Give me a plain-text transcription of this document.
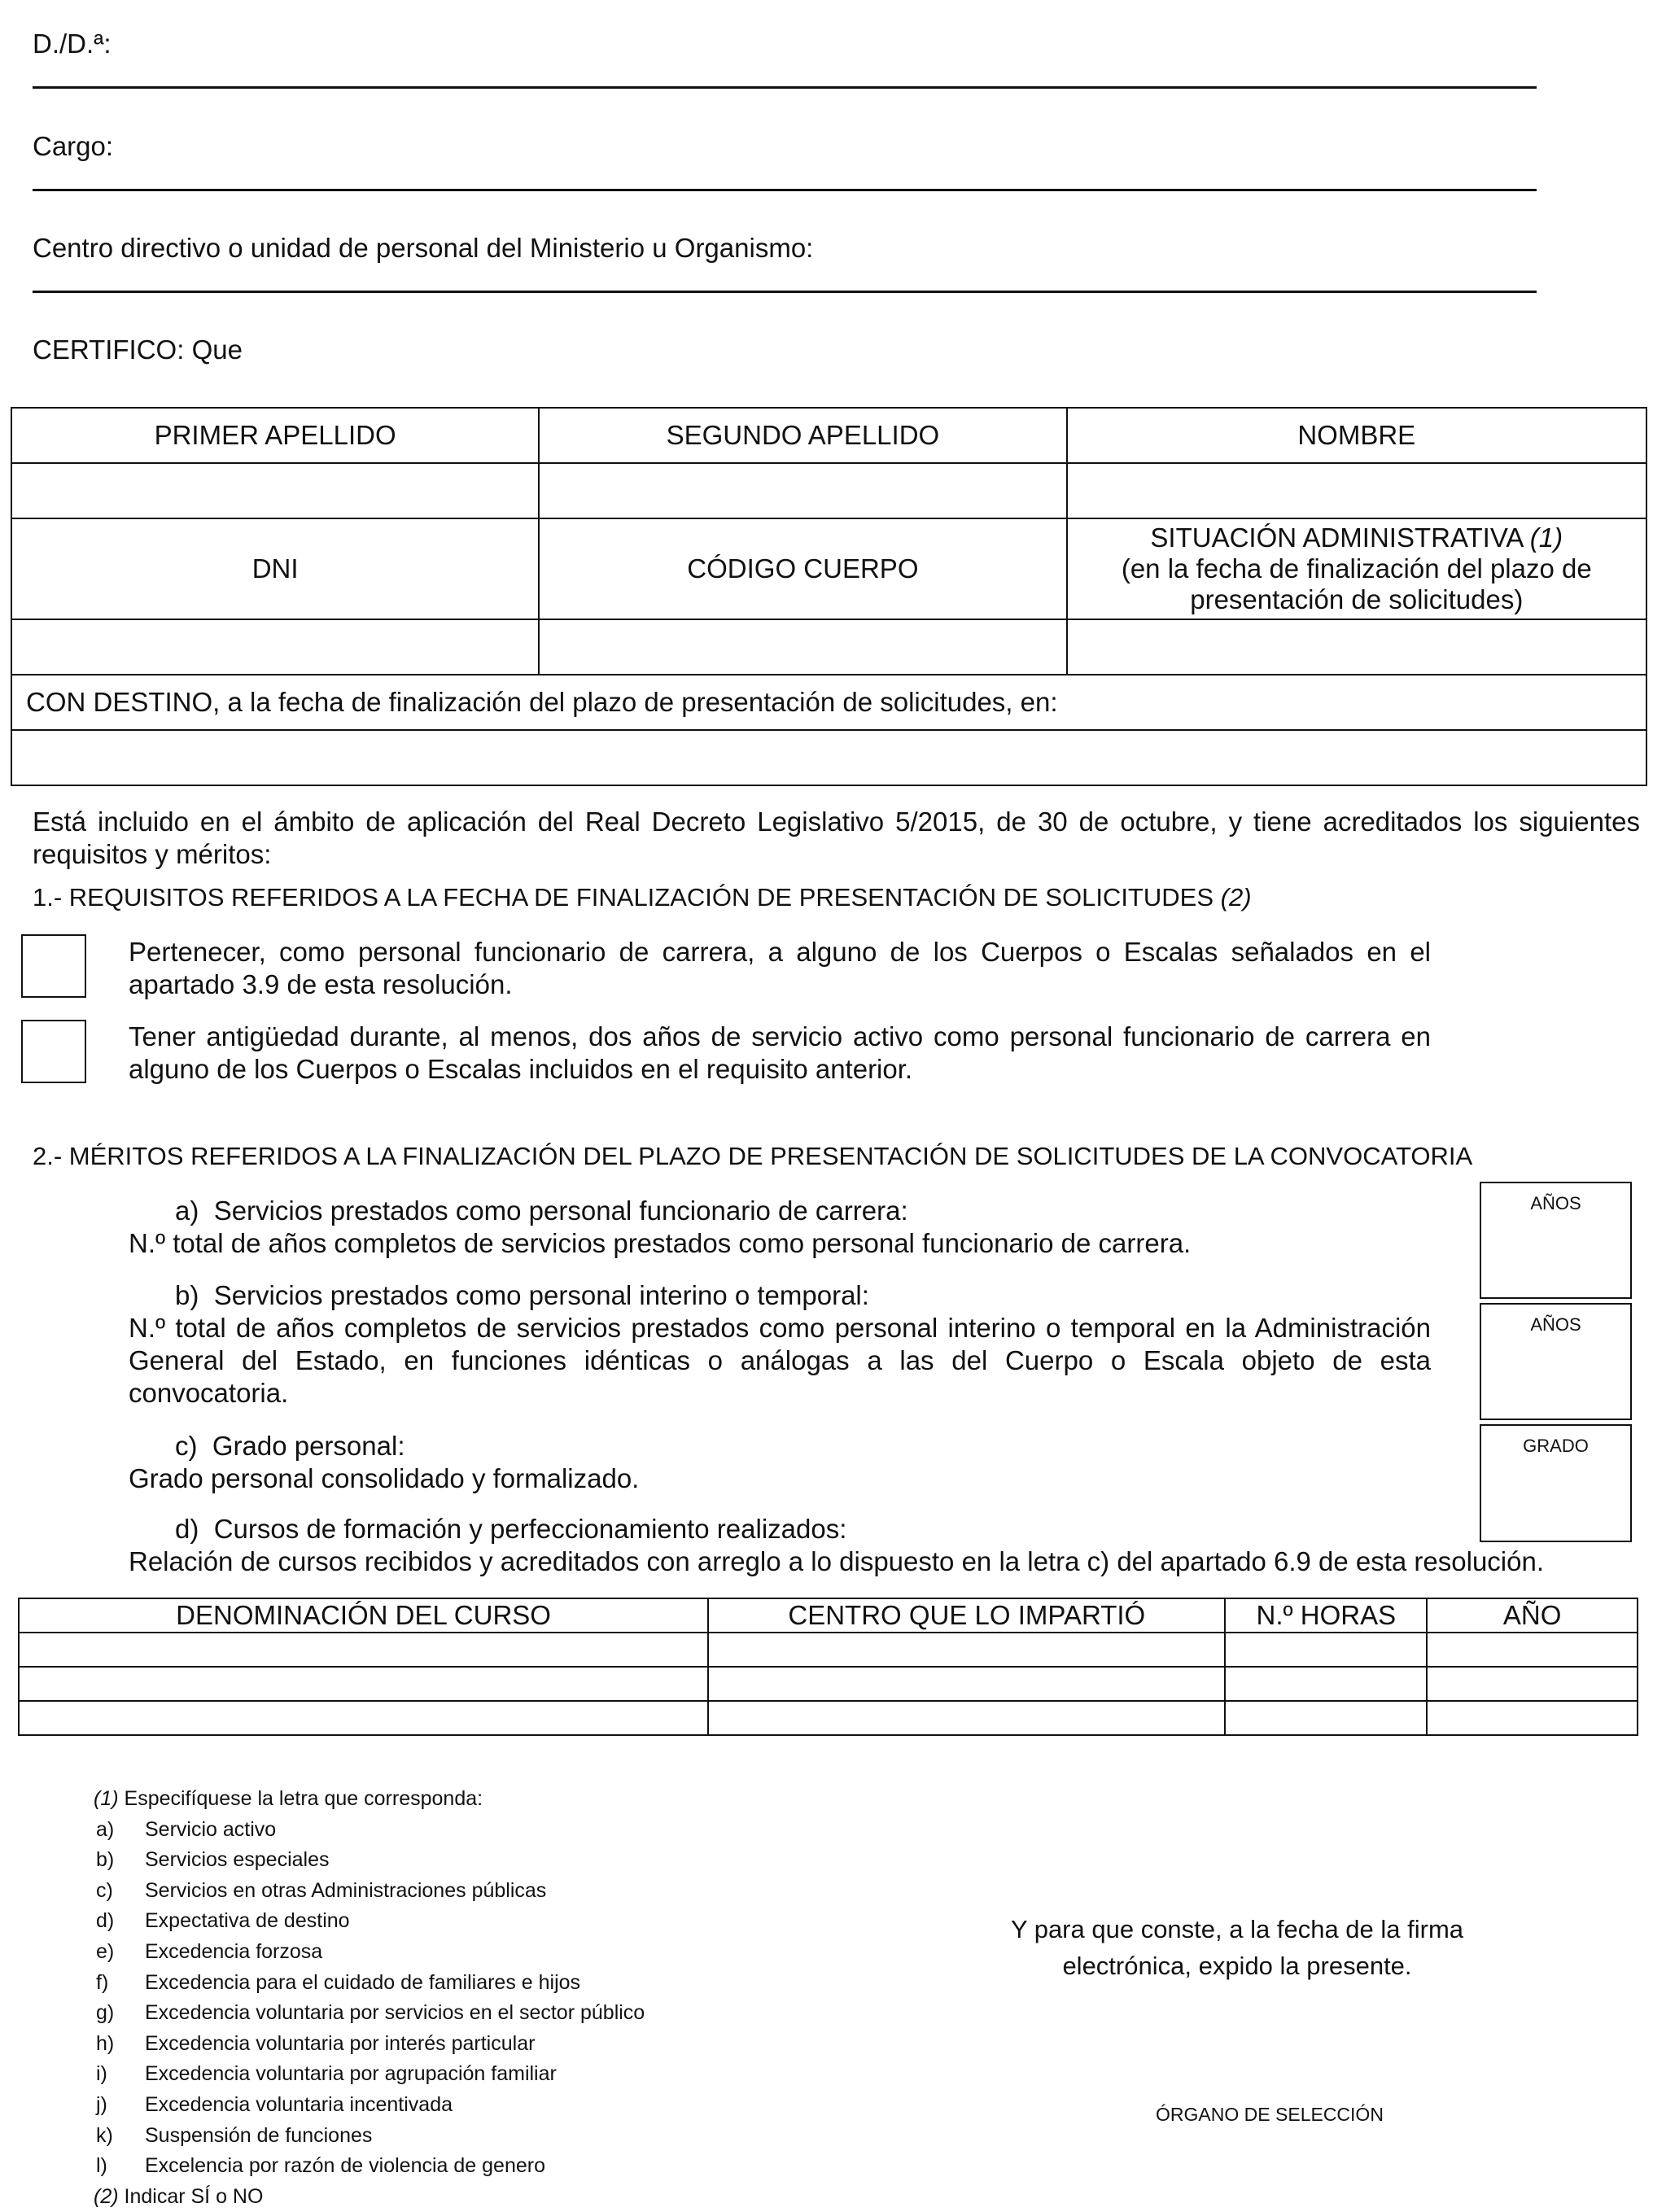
D./D.ª:
Cargo:
Centro directivo o unidad de personal del Ministerio u Organismo:
CERTIFICO: Que
PRIMER APELLIDO	SEGUNDO APELLIDO	NOMBRE

DNI	CÓDIGO CUERPO	SITUACIÓN ADMINISTRATIVA (1)
(en la fecha de finalización del plazo de presentación de solicitudes)

CON DESTINO, a la fecha de finalización del plazo de presentación de solicitudes, en:		

Está incluido en el ámbito de aplicación del Real Decreto Legislativo 5/2015, de 30 de octubre, y tiene acreditados los siguientes requisitos y méritos:
1.- REQUISITOS REFERIDOS A LA FECHA DE FINALIZACIÓN DE PRESENTACIÓN DE SOLICITUDES (2)
Pertenecer, como personal funcionario de carrera, a alguno de los Cuerpos o Escalas señalados en el apartado 3.9 de esta resolución.
Tener antigüedad durante, al menos, dos años de servicio activo como personal funcionario de carrera en alguno de los Cuerpos o Escalas incluidos en el requisito anterior.
2.- MÉRITOS REFERIDOS A LA FINALIZACIÓN DEL PLAZO DE PRESENTACIÓN DE SOLICITUDES DE LA CONVOCATORIA
a) Servicios prestados como personal funcionario de carrera:
N.º total de años completos de servicios prestados como personal funcionario de carrera.
b) Servicios prestados como personal interino o temporal:
N.º total de años completos de servicios prestados como personal interino o temporal en la Administración General del Estado, en funciones idénticas o análogas a las del Cuerpo o Escala objeto de esta convocatoria.
c) Grado personal:
Grado personal consolidado y formalizado.
d) Cursos de formación y perfeccionamiento realizados:
Relación de cursos recibidos y acreditados con arreglo a lo dispuesto en la letra c) del apartado 6.9 de esta resolución.
AÑOS
AÑOS
GRADO
DENOMINACIÓN DEL CURSO	CENTRO QUE LO IMPARTIÓ	N.º HORAS	AÑO

(1) Especifíquese la letra que corresponda:
a)	Servicio activo
b)	Servicios especiales
c)	Servicios en otras Administraciones públicas
d)	Expectativa de destino
e)	Excedencia forzosa
f)	Excedencia para el cuidado de familiares e hijos
g)	Excedencia voluntaria por servicios en el sector público
h)	Excedencia voluntaria por interés particular
i)	Excedencia voluntaria por agrupación familiar
j)	Excedencia voluntaria incentivada
k)	Suspensión de funciones
l)	Excelencia por razón de violencia de genero
(2) Indicar SÍ o NO
Y para que conste, a la fecha de la firma
electrónica, expido la presente.
ÓRGANO DE SELECCIÓN
